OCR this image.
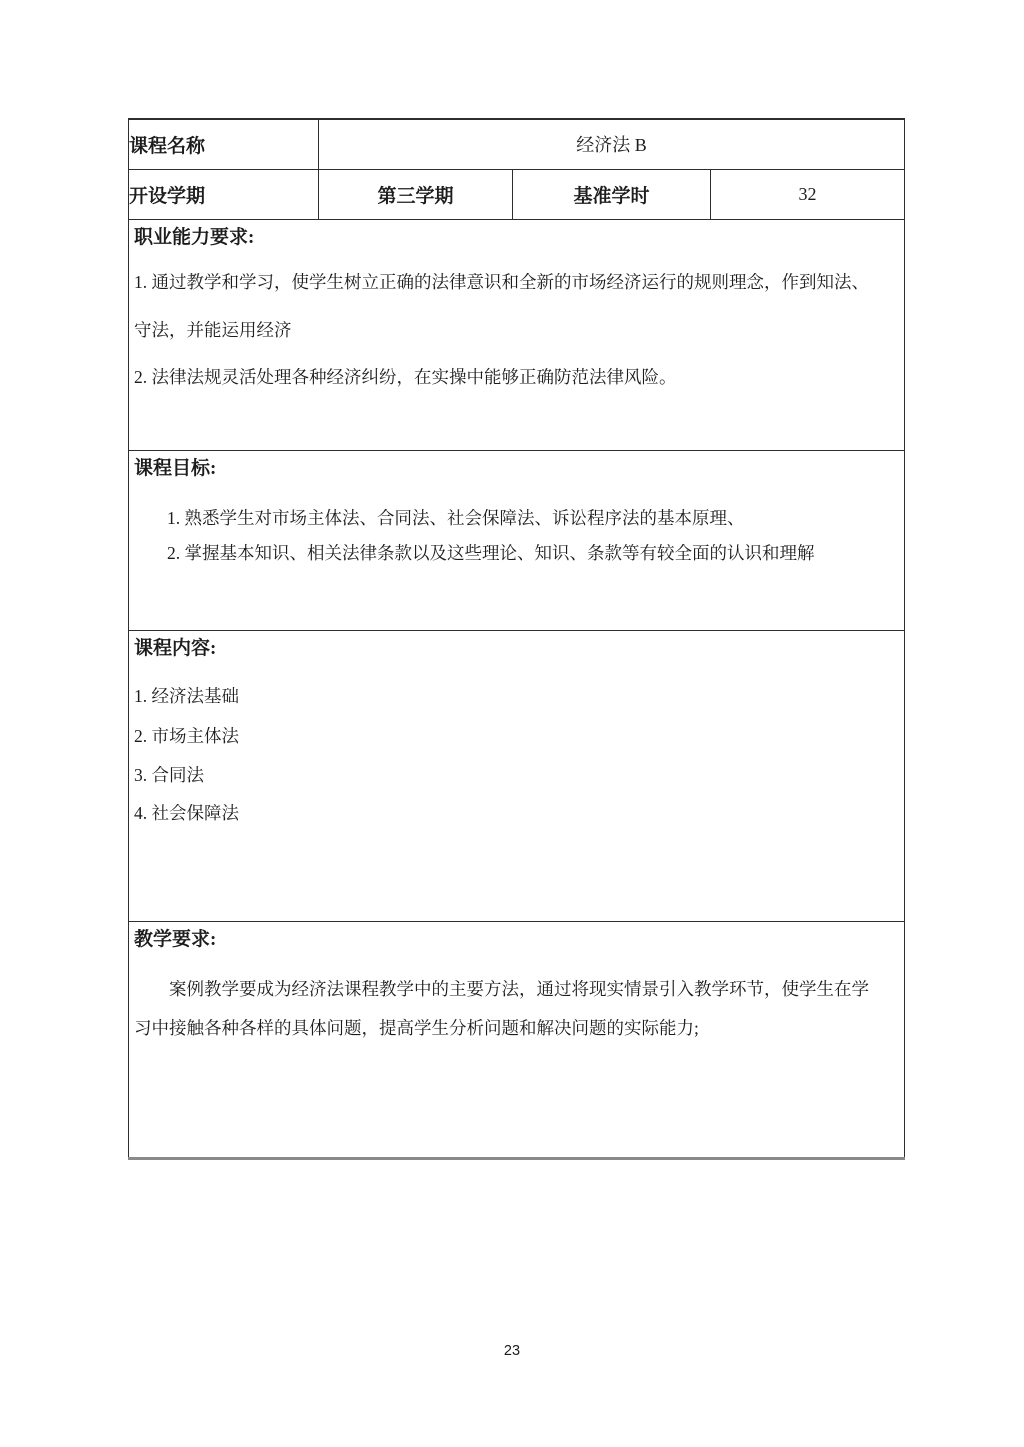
课程名称	经济法 B		
开设学期	第三学期	基准学时	32

职业能力要求:
1. 通过教学和学习，使学生树立正确的法律意识和全新的市场经济运行的规则理念，作到知法、
守法，并能运用经济
2. 法律法规灵活处理各种经济纠纷，在实操中能够正确防范法律风险。			

课程目标:
1. 熟悉学生对市场主体法、合同法、社会保障法、诉讼程序法的基本原理、
2. 掌握基本知识、相关法律条款以及这些理论、知识、条款等有较全面的认识和理解			

课程内容:
1. 经济法基础
2. 市场主体法
3. 合同法
4. 社会保障法			

教学要求:
案例教学要成为经济法课程教学中的主要方法，通过将现实情景引入教学环节，使学生在学
习中接触各种各样的具体问题，提高学生分析问题和解决问题的实际能力;			
23
